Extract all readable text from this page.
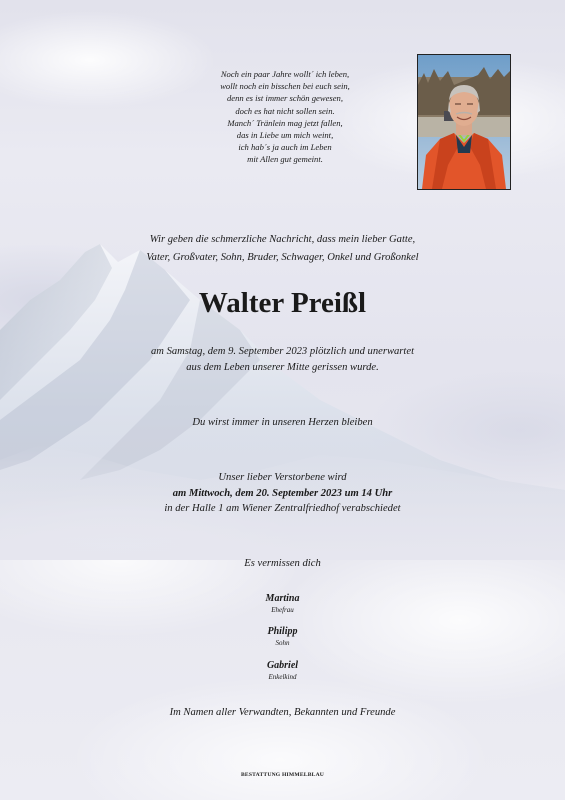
Noch ein paar Jahre wollt´ ich leben,
wollt noch ein bisschen bei euch sein,
denn es ist immer schön gewesen,
doch es hat nicht sollen sein.
Manch´ Tränlein mag jetzt fallen,
das in Liebe um mich weint,
ich hab´s ja auch im Leben
mit Allen gut gemeint.
Wir geben die schmerzliche Nachricht, dass mein lieber Gatte,
Vater, Großvater, Sohn, Bruder, Schwager, Onkel und Großonkel
Walter Preißl
am Samstag, dem 9. September 2023 plötzlich und unerwartet
aus dem Leben unserer Mitte gerissen wurde.
Du wirst immer in unseren Herzen bleiben
Unser lieber Verstorbene wird
am Mittwoch, dem 20. September 2023 um 14 Uhr
in der Halle 1 am Wiener Zentralfriedhof verabschiedet
Es vermissen dich
Martina
Ehefrau
Philipp
Sohn
Gabriel
Enkelkind
Im Namen aller Verwandten, Bekannten und Freunde
BESTATTUNG HIMMELBLAU
